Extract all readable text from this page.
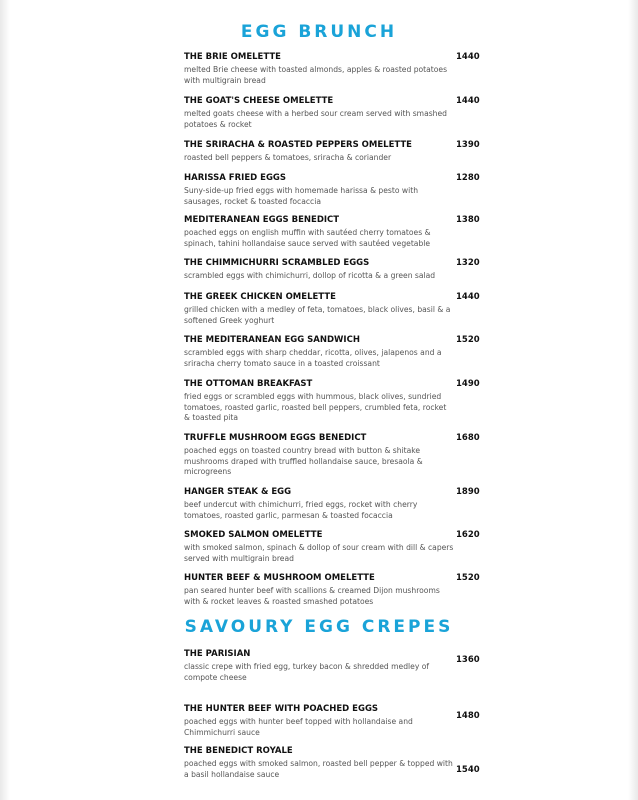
EGG BRUNCH

THE BRIE OMELETTE

melted Brie cheese with toasted almonds, apples & roasted potatoes with multigrain bread

1440

THE GOAT'S CHEESE OMELETTE

melted goats cheese with a herbed sour cream served with smashed potatoes & rocket

1440

THE SRIRACHA & ROASTED PEPPERS OMELETTE

roasted bell peppers & tomatoes, sriracha & coriander

1390

HARISSA FRIED EGGS

Suny-side-up fried eggs with homemade harissa & pesto with sausages, rocket & toasted focaccia

1280

MEDITERANEAN EGGS BENEDICT

poached eggs on english muffin with sautéed cherry tomatoes & spinach, tahini hollandaise sauce served with sautéed vegetable

1380

THE CHIMMICHURRI SCRAMBLED EGGS

scrambled eggs with chimichurri, dollop of ricotta & a green salad

1320

THE GREEK CHICKEN OMELETTE

grilled chicken with a medley of feta, tomatoes, black olives, basil & a softened Greek yoghurt

1440

THE MEDITERANEAN EGG SANDWICH

scrambled eggs with sharp cheddar, ricotta, olives, jalapenos and a sriracha cherry tomato sauce in a toasted croissant

1520

THE OTTOMAN BREAKFAST

fried eggs or scrambled eggs with hummous, black olives, sundried tomatoes, roasted garlic, roasted bell peppers, crumbled feta, rocket & toasted pita

1490

TRUFFLE MUSHROOM EGGS BENEDICT

poached eggs on toasted country bread with button & shitake mushrooms draped with truffled hollandaise sauce, bresaola & microgreens

1680

HANGER STEAK & EGG

beef undercut with chimichurri, fried eggs, rocket with cherry tomatoes, roasted garlic, parmesan & toasted focaccia

1890

SMOKED SALMON OMELETTE

with smoked salmon, spinach & dollop of sour cream with dill & capers served with multigrain bread

1620

HUNTER BEEF & MUSHROOM OMELETTE

pan seared hunter beef with scallions & creamed Dijon mushrooms with & rocket leaves & roasted smashed potatoes

1520
SAVOURY EGG CREPES

THE PARISIAN

classic crepe with fried egg, turkey bacon & shredded medley of compote cheese

1360

THE HUNTER BEEF WITH POACHED EGGS

poached eggs with hunter beef topped with hollandaise and Chimmichurri sauce

1480

THE BENEDICT ROYALE

poached eggs with smoked salmon, roasted bell pepper & topped with a basil hollandaise sauce	1540
